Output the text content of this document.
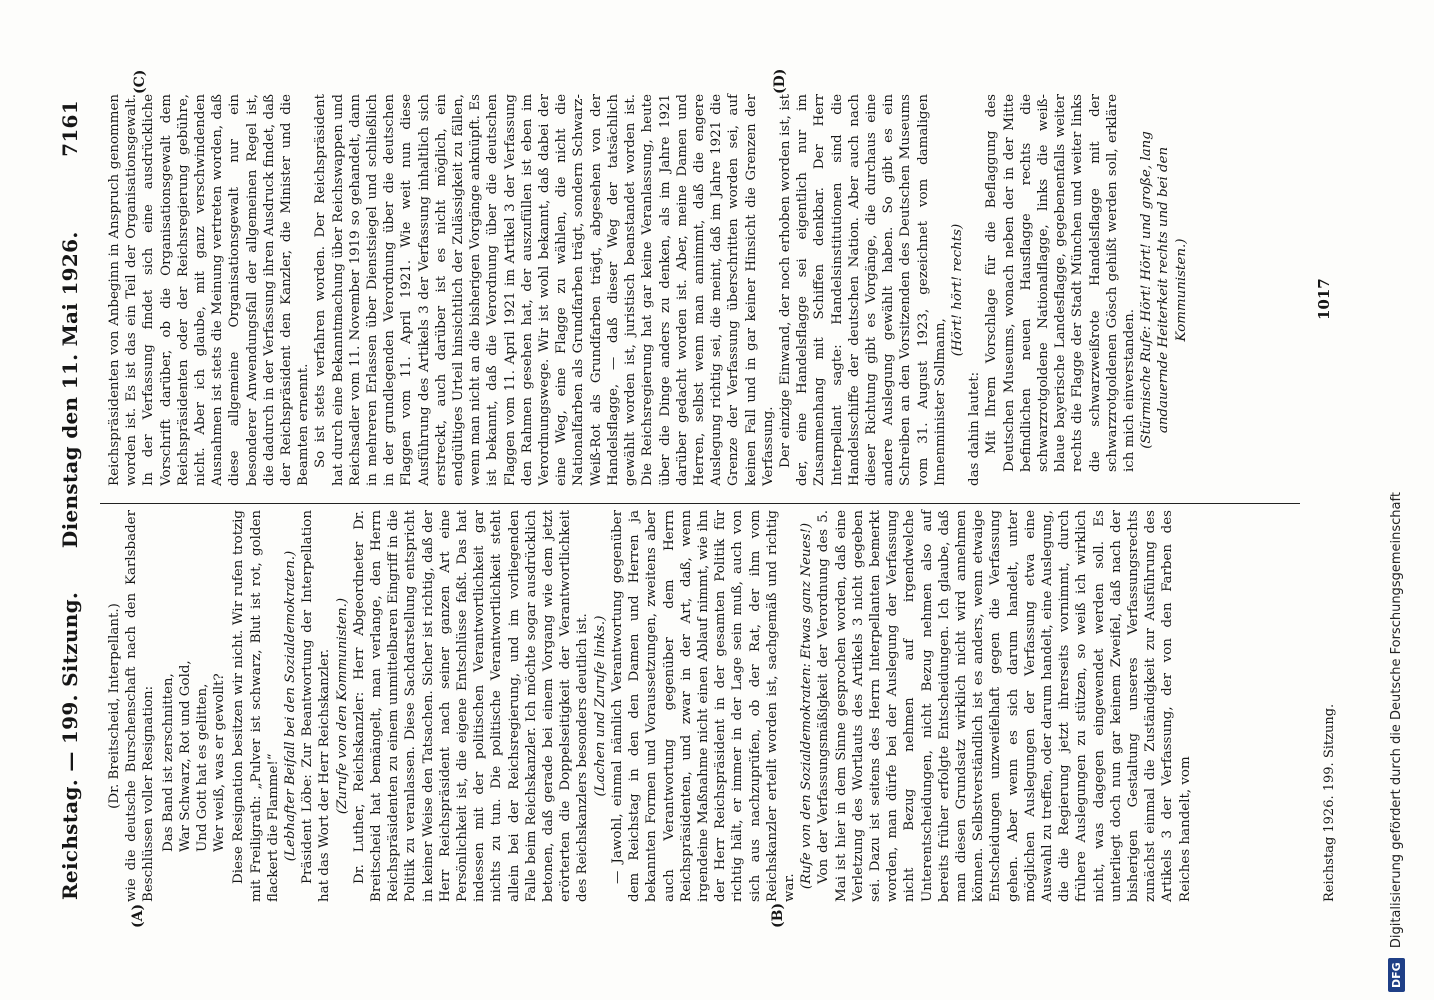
Reichstag. — 199. Sitzung.
Dienstag den 11. Mai 1926.  7161
(A)	(B)
(C)	(D)

(Dr. Breitscheid, Interpellant.) wie die deutsche Burschenschaft nach den Karlsbader Beschlüssen voller Resignation: Das Band ist zerschnitten, War Schwarz, Rot und Gold, Und Gott hat es gelitten, Wer weiß, was er gewollt? Diese Resignation besitzen wir nicht. Wir rufen trotzig mit Freiligrath: „Pulver ist schwarz, Blut ist rot, golden flackert die Flamme!“ (Lebhafter Beifall bei den Sozialdemokraten.) Präsident Löbe: Zur Beantwortung der Interpellation hat das Wort der Herr Reichskanzler. (Zurufe von den Kommunisten.) Dr. Luther, Reichskanzler: Herr Abgeordneter Dr. Breitscheid hat bemängelt, man verlange, den Herrn Reichspräsidenten zu einem unmittelbaren Eingriff in die Politik zu veranlassen. Diese Sachdarstellung entspricht in keiner Weise den Tatsachen. Sicher ist richtig, daß der Herr Reichspräsident nach seiner ganzen Art eine Persönlichkeit ist, die eigene Entschlüsse faßt. Das hat indessen mit der politischen Verantwortlichkeit gar nichts zu tun. Die politische Verantwortlichkeit steht allein bei der Reichsregierung, und im vorliegenden Falle beim Reichskanzler. Ich möchte sogar ausdrücklich betonen, daß gerade bei einem Vorgang wie dem jetzt erörterten die Doppelseitigkeit der Verantwortlichkeit des Reichskanzlers besonders deutlich ist. (Lachen und Zurufe links.) — Jawohl, einmal nämlich Verantwortung gegenüber dem Reichstag in den den Damen und Herren ja bekannten Formen und Voraussetzungen, zweitens aber auch Verantwortung gegenüber dem Herrn Reichspräsidenten, und zwar in der Art, daß, wenn irgendeine Maßnahme nicht einen Ablauf nimmt, wie ihn der Herr Reichspräsident in der gesamten Politik für richtig hält, er immer in der Lage sein muß, auch von sich aus nachzuprüfen, ob der Rat, der ihm vom Reichskanzler erteilt worden ist, sachgemäß und richtig war. (Rufe von den Sozialdemokraten: Etwas ganz Neues!) Von der Verfassungsmäßigkeit der Verordnung des 5. Mai ist hier in dem Sinne gesprochen worden, daß eine Verletzung des Wortlauts des Artikels 3 nicht gegeben sei. Dazu ist seitens des Herrn Interpellanten bemerkt worden, man dürfe bei der Auslegung der Verfassung nicht Bezug nehmen auf irgendwelche Unterentscheidungen, nicht Bezug nehmen also auf bereits früher erfolgte Entscheidungen. Ich glaube, daß man diesen Grundsatz wirklich nicht wird annehmen können. Selbstverständlich ist es anders, wenn etwaige Entscheidungen unzweifelhaft gegen die Verfassung gehen. Aber wenn es sich darum handelt, unter möglichen Auslegungen der Verfassung etwa eine Auswahl zu treffen, oder darum handelt, eine Auslegung, die die Regierung jetzt ihrerseits vornimmt, durch frühere Auslegungen zu stützen, so weiß ich wirklich nicht, was dagegen eingewendet werden soll. Es unterliegt doch nun gar keinem Zweifel, daß nach der bisherigen Gestaltung unseres Verfassungsrechts zunächst einmal die Zuständigkeit zur Ausführung des Artikels 3 der Verfassung, der von den Farben des Reiches handelt, vom

Reichspräsidenten von Anbeginn in Anspruch genommen worden ist. Es ist das ein Teil der Organisationsgewalt. In der Verfassung findet sich eine ausdrückliche Vorschrift darüber, ob die Organisationsgewalt dem Reichspräsidenten oder der Reichsregierung gebühre, nicht. Aber ich glaube, mit ganz verschwindenden Ausnahmen ist stets die Meinung vertreten worden, daß diese allgemeine Organisationsgewalt nur ein besonderer Anwendungsfall der allgemeinen Regel ist, die dadurch in der Verfassung ihren Ausdruck findet, daß der Reichspräsident den Kanzler, die Minister und die Beamten ernennt. So ist stets verfahren worden. Der Reichspräsident hat durch eine Bekanntmachung über Reichswappen und Reichsadler vom 11. November 1919 so gehandelt, dann in mehreren Erlassen über Dienstsiegel und schließlich in der grundlegenden Verordnung über die deutschen Flaggen vom 11. April 1921. Wie weit nun diese Ausführung des Artikels 3 der Verfassung inhaltlich sich erstreckt, auch darüber ist es nicht möglich, ein endgültiges Urteil hinsichtlich der Zulässigkeit zu fällen, wenn man nicht an die bisherigen Vorgänge anknüpft. Es ist bekannt, daß die Verordnung über die deutschen Flaggen vom 11. April 1921 im Artikel 3 der Verfassung den Rahmen gesehen hat, der auszufüllen ist eben im Verordnungswege. Wir ist wohl bekannt, daß dabei der eine Weg, eine Flagge zu wählen, die nicht die Nationalfarben als Grundfarben trägt, sondern Schwarz-Weiß-Rot als Grundfarben trägt, abgesehen von der Handelsflagge, — daß dieser Weg der tatsächlich gewählt worden ist, juristisch beanstandet worden ist. Die Reichsregierung hat gar keine Veranlassung, heute über die Dinge anders zu denken, als im Jahre 1921 darüber gedacht worden ist. Aber, meine Damen und Herren, selbst wenn man annimmt, daß die engere Auslegung richtig sei, die meint, daß im Jahre 1921 die Grenze der Verfassung überschritten worden sei, auf keinen Fall und in gar keiner Hinsicht die Grenzen der Verfassung. Der einzige Einwand, der noch erhoben worden ist, ist der, eine Handelsflagge sei eigentlich nur im Zusammenhang mit Schiffen denkbar. Der Herr Interpellant sagte: Handelsinstitutionen sind die Handelsschiffe der deutschen Nation. Aber auch nach dieser Richtung gibt es Vorgänge, die durchaus eine andere Auslegung gewählt haben. So gibt es ein Schreiben an den Vorsitzenden des Deutschen Museums vom 31. August 1923, gezeichnet vom damaligen Innenminister Sollmann,

(Hört! hört! rechts)

das dahin lautet: Mit Ihrem Vorschlage für die Beflaggung des Deutschen Museums, wonach neben der in der Mitte befindlichen neuen Hausflagge rechts die schwarzrotgoldene Nationalflagge, links die weiß-blaue bayerische Landesflagge, gegebenenfalls weiter rechts die Flagge der Stadt München und weiter links die schwarzweißrote Handelsflagge mit der schwarzrotgoldenen Gösch gehißt werden soll, erkläre ich mich einverstanden. (Stürmische Rufe: Hört! Hört! und große, lang andauernde Heiterkeit rechts und bei den Kommunisten.)

Reichstag 1926. 199. Sitzung.
1017
DFG Digitalisierung gefördert durch die Deutsche Forschungsgemeinschaft
